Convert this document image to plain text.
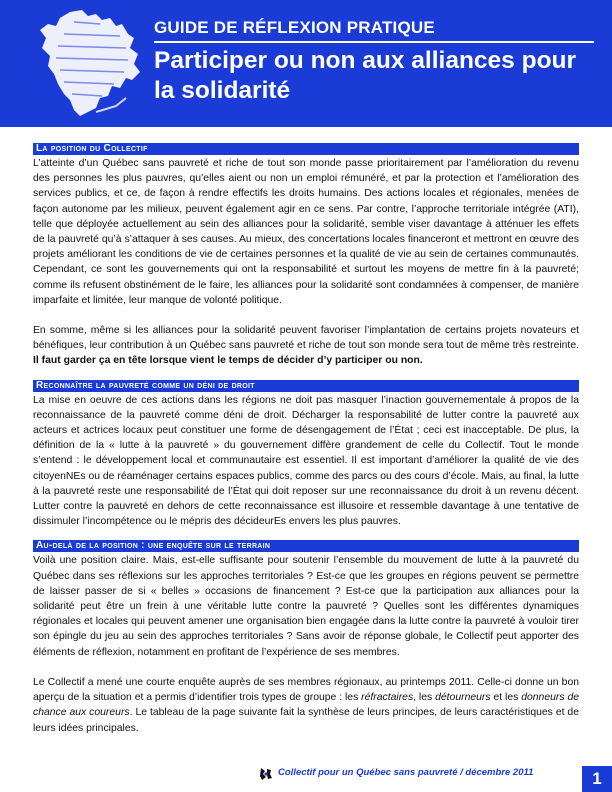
GUIDE DE RÉFLEXION PRATIQUE
Participer ou non aux alliances pour la solidarité
La position du Collectif

L’atteinte d’un Québec sans pauvreté et riche de tout son monde passe prioritairement par l’amélioration du revenu des personnes les plus pauvres, qu’elles aient ou non un emploi rémunéré, et par la protection et l’amélioration des services publics, et ce, de façon à rendre effectifs les droits humains. Des actions locales et régionales, menées de façon autonome par les milieux, peuvent également agir en ce sens. Par contre, l’approche territoriale intégrée (ATI), telle que déployée actuellement au sein des alliances pour la solidarité, semble viser davantage à atténuer les effets de la pauvreté qu’à s’attaquer à ses causes. Au mieux, des concertations locales financeront et mettront en œuvre des projets améliorant les conditions de vie de certaines personnes et la qualité de vie au sein de certaines communautés. Cependant, ce sont les gouvernements qui ont la responsabilité et surtout les moyens de mettre fin à la pauvreté; comme ils refusent obstinément de le faire, les alliances pour la solidarité sont condamnées à compenser, de manière imparfaite et limitée, leur manque de volonté politique.

En somme, même si les alliances pour la solidarité peuvent favoriser l’implantation de certains projets novateurs et bénéfiques, leur contribution à un Québec sans pauvreté et riche de tout son monde sera tout de même très restreinte. Il faut garder ça en tête lorsque vient le temps de décider d’y participer ou non.

Reconnaître la pauvreté comme un déni de droit

La mise en oeuvre de ces actions dans les régions ne doit pas masquer l’inaction gouvernementale à propos de la reconnaissance de la pauvreté comme déni de droit. Décharger la responsabilité de lutter contre la pauvreté aux acteurs et actrices locaux peut constituer une forme de désengagement de l’État ; ceci est inacceptable. De plus, la définition de la « lutte à la pauvreté » du gouvernement diffère grandement de celle du Collectif. Tout le monde s’entend : le développement local et communautaire est essentiel. Il est important d’améliorer la qualité de vie des citoyenNEs ou de réaménager certains espaces publics, comme des parcs ou des cours d’école. Mais, au final, la lutte à la pauvreté reste une responsabilité de l’État qui doit reposer sur une reconnaissance du droit à un revenu décent. Lutter contre la pauvreté en dehors de cette reconnaissance est illusoire et ressemble davantage à une tentative de dissimuler l’incompétence ou le mépris des décideurEs envers les plus pauvres.

Au-delà de la position : une enquête sur le terrain

Voilà une position claire. Mais, est-elle suffisante pour soutenir l’ensemble du mouvement de lutte à la pauvreté du Québec dans ses réflexions sur les approches territoriales ? Est-ce que les groupes en régions peuvent se permettre de laisser passer de si « belles » occasions de financement ? Est-ce que la participation aux alliances pour la solidarité peut être un frein à une véritable lutte contre la pauvreté ? Quelles sont les différentes dynamiques régionales et locales qui peuvent amener une organisation bien engagée dans la lutte contre la pauvreté à vouloir tirer son épingle du jeu au sein des approches territoriales ? Sans avoir de réponse globale, le Collectif peut apporter des éléments de réflexion, notamment en profitant de l’expérience de ses membres.

Le Collectif a mené une courte enquête auprès de ses membres régionaux, au printemps 2011. Celle-ci donne un bon aperçu de la situation et a permis d’identifier trois types de groupe : les réfractaires, les détourneurs et les donneurs de chance aux coureurs. Le tableau de la page suivante fait la synthèse de leurs principes, de leurs caractéristiques et de leurs idées principales.

Collectif pour un Québec sans pauvreté / décembre 2011	1
